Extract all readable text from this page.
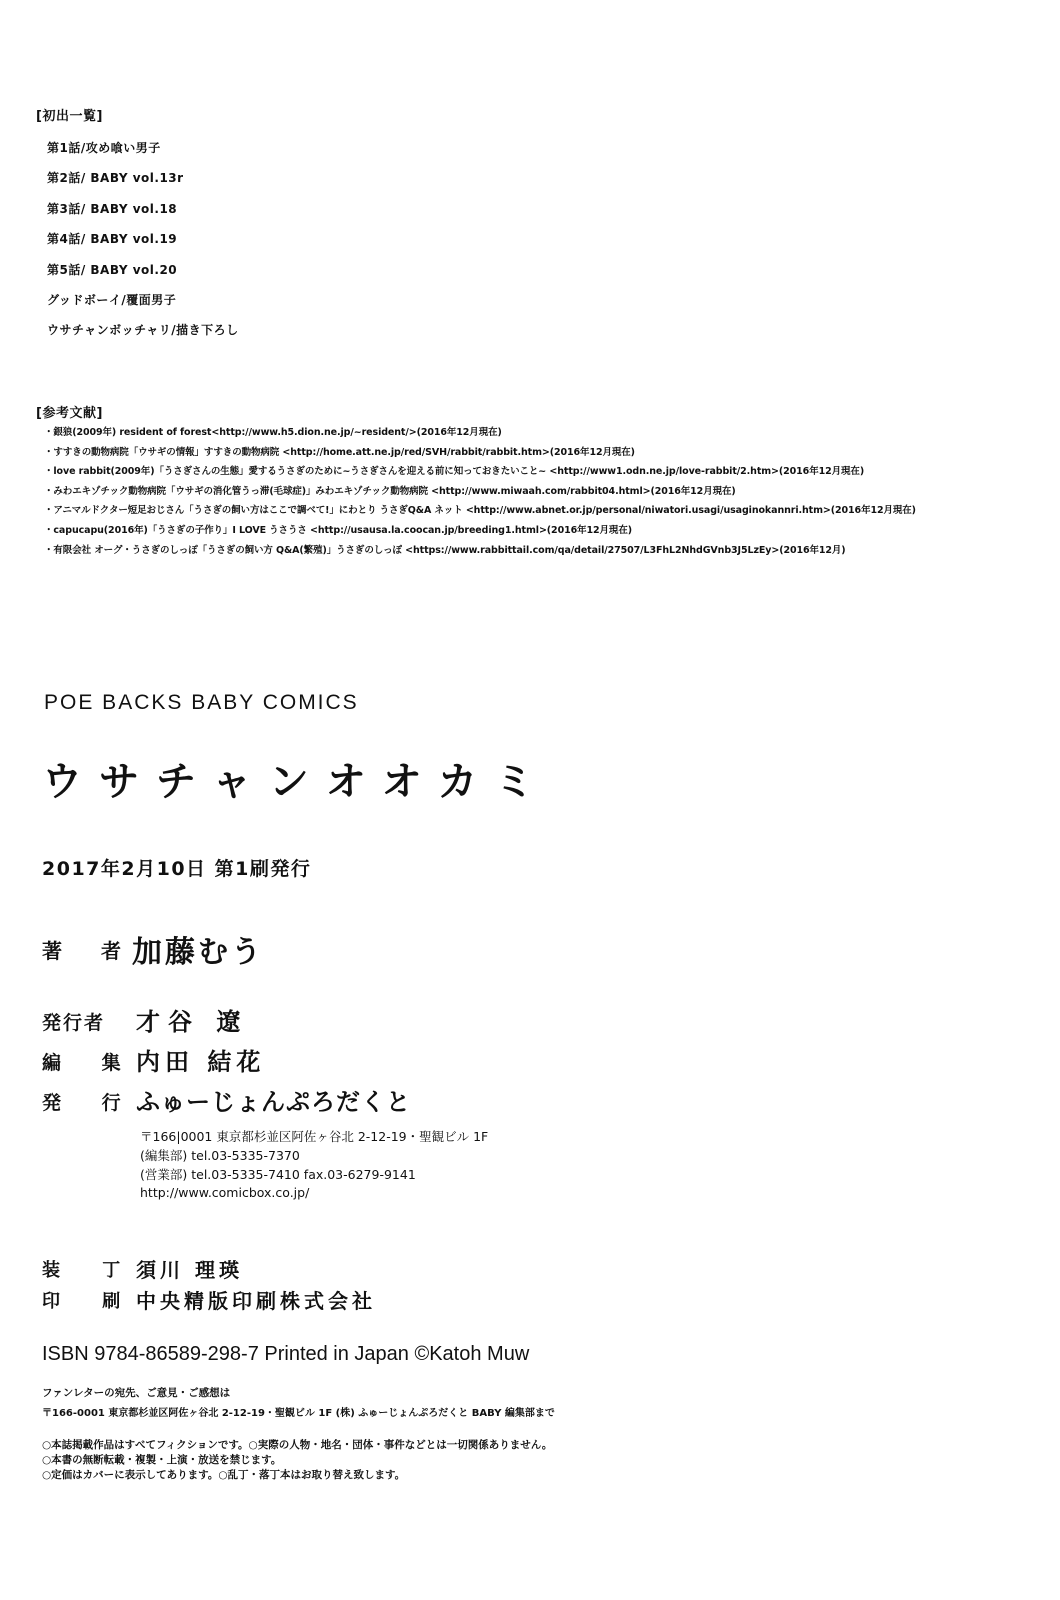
[初出一覧]
第1話/攻め喰い男子
第2話/ BABY vol.13r
第3話/ BABY vol.18
第4話/ BABY vol.19
第5話/ BABY vol.20
グッドボーイ/覆面男子
ウサチャンボッチャリ/描き下ろし
[参考文献]
・銀狼(2009年) resident of forest<http://www.h5.dion.ne.jp/~resident/>(2016年12月現在)
・すすきの動物病院「ウサギの情報」すすきの動物病院 <http://home.att.ne.jp/red/SVH/rabbit/rabbit.htm>(2016年12月現在)
・love rabbit(2009年)「うさぎさんの生態」愛するうさぎのために~うさぎさんを迎える前に知っておきたいこと~ <http://www1.odn.ne.jp/love-rabbit/2.htm>(2016年12月現在)
・みわエキゾチック動物病院「ウサギの消化管うっ滞(毛球症)」みわエキゾチック動物病院 <http://www.miwaah.com/rabbit04.html>(2016年12月現在)
・アニマルドクター短足おじさん「うさぎの飼い方はここで調べて!」にわとり うさぎQ&A ネット <http://www.abnet.or.jp/personal/niwatori.usagi/usaginokannri.htm>(2016年12月現在)
・capucapu(2016年)「うさぎの子作り」I LOVE うさうさ <http://usausa.la.coocan.jp/breeding1.html>(2016年12月現在)
・有限会社 オーグ・うさぎのしっぽ「うさぎの飼い方 Q&A(繁殖)」うさぎのしっぽ <https://www.rabbittail.com/qa/detail/27507/L3FhL2NhdGVnb3J5LzEy>(2016年12月)
POE BACKS BABY COMICS
ウサチャンオオカミ
2017年2月10日 第1刷発行
著 者
加藤むう
発行者 才谷 遼
編 集
内田 結花
発 行
ふゅーじょんぷろだくと
〒166|0001 東京都杉並区阿佐ヶ谷北 2-12-19・聖観ビル 1F
(編集部) tel.03-5335-7370
(営業部) tel.03-5335-7410 fax.03-6279-9141
http://www.comicbox.co.jp/
装 丁
須川 理瑛
印 刷
中央精版印刷株式会社
ISBN 9784-86589-298-7 Printed in Japan ©Katoh Muw
ファンレターの宛先、ご意見・ご感想は
〒166-0001 東京都杉並区阿佐ヶ谷北 2-12-19・聖観ビル 1F (株) ふゅーじょんぷろだくと BABY 編集部まで
○本誌掲載作品はすべてフィクションです。○実際の人物・地名・団体・事件などとは一切関係ありません。
○本書の無断転載・複製・上演・放送を禁じます。
○定価はカバーに表示してあります。○乱丁・落丁本はお取り替え致します。
